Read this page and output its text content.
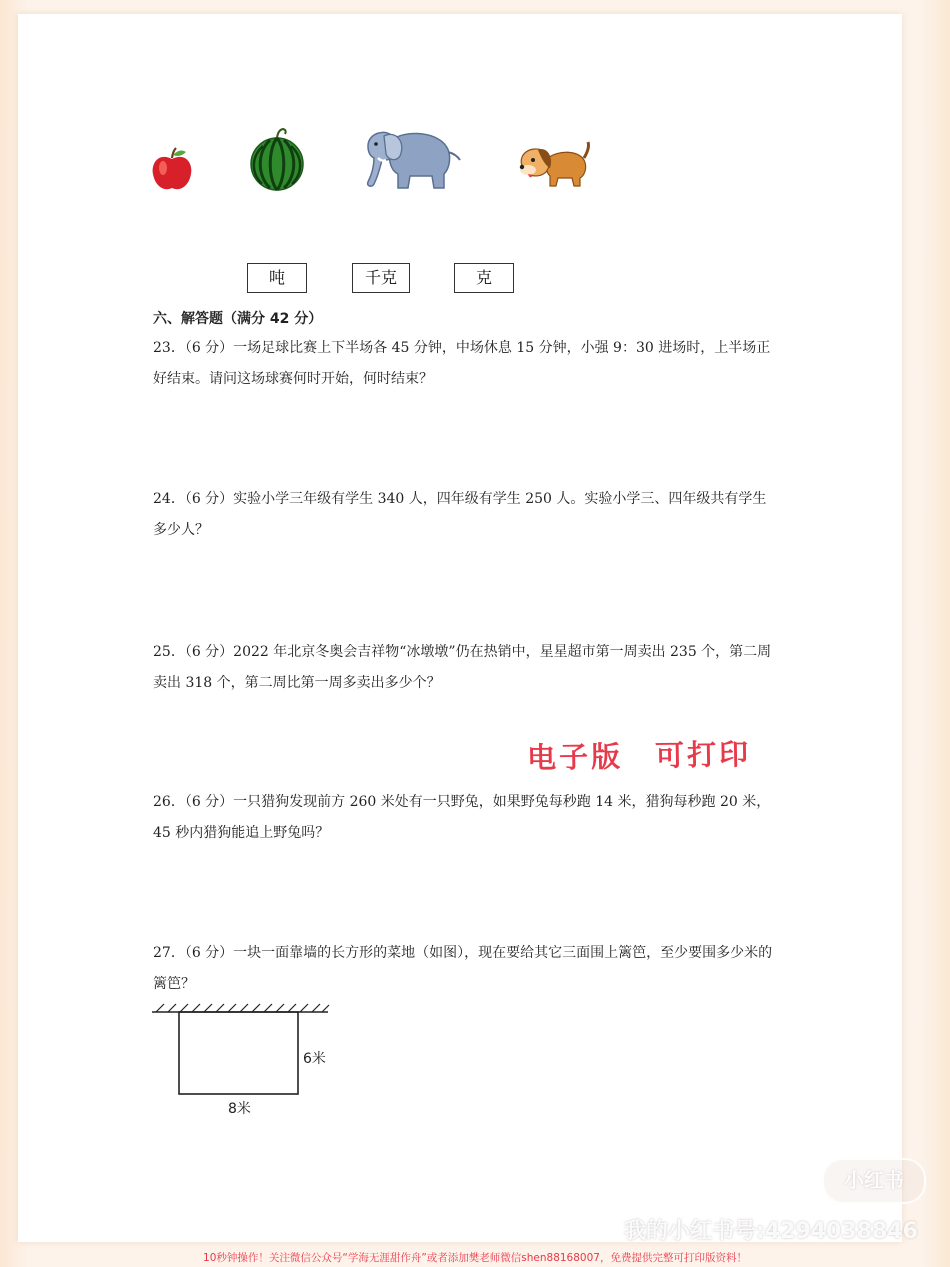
吨	千克	克
六、解答题（满分 42 分）
23．（6 分）一场足球比赛上下半场各 45 分钟，中场休息 15 分钟，小强 9：30 进场时，上半场正好结束。请问这场球赛何时开始，何时结束？
24．（6 分）实验小学三年级有学生 340 人，四年级有学生 250 人。实验小学三、四年级共有学生多少人？
25．（6 分）2022 年北京冬奥会吉祥物“冰墩墩”仍在热销中，星星超市第一周卖出 235 个，第二周卖出 318 个，第二周比第一周多卖出多少个？
26．（6 分）一只猎狗发现前方 260 米处有一只野兔，如果野兔每秒跑 14 米，猎狗每秒跑 20 米，45 秒内猎狗能追上野兔吗？
27．（6 分）一块一面靠墙的长方形的菜地（如图），现在要给其它三面围上篱笆，至少要围多少米的篱笆？
电子版　可打印
6米
8米
小红书
我的小红书号:4294038846
10秒钟操作！关注微信公众号“学海无涯甜作舟”或者添加樊老师微信shen88168007，免费提供完整可打印版资料！
